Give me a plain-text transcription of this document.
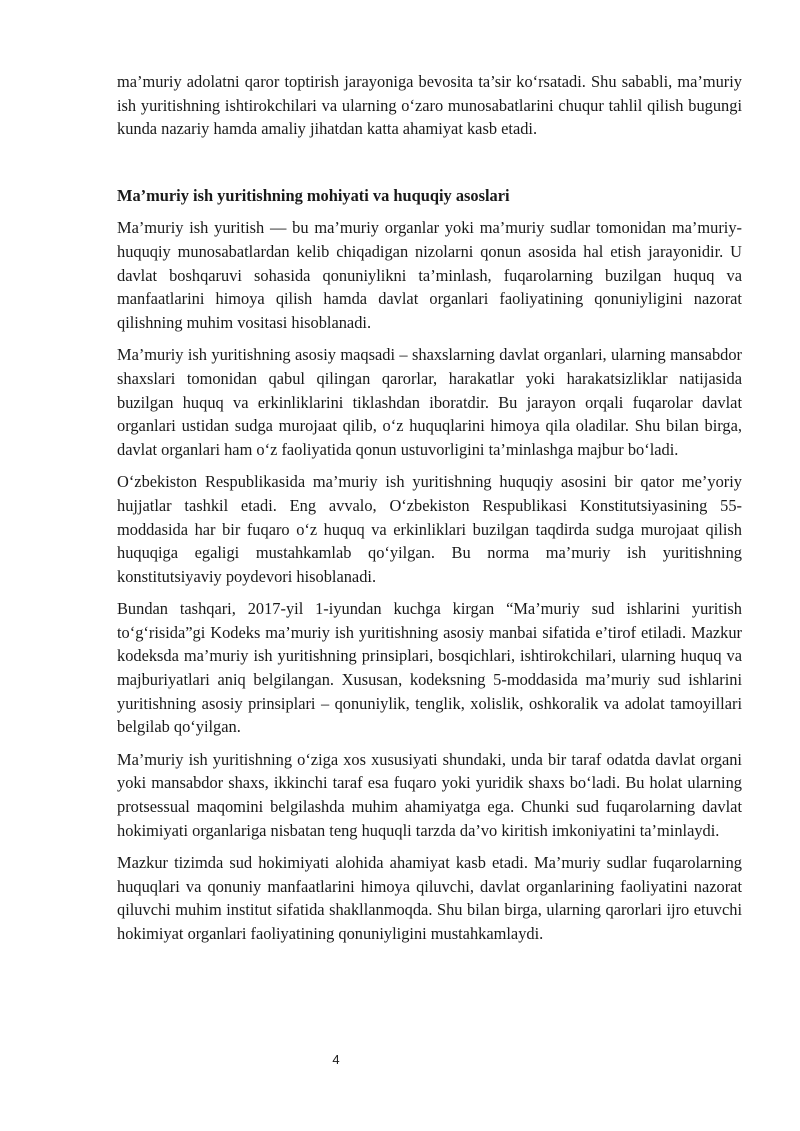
ma’muriy adolatni qaror toptirish jarayoniga bevosita ta’sir ko‘rsatadi. Shu sababli, ma’muriy ish yuritishning ishtirokchilari va ularning o‘zaro munosabatlarini chuqur tahlil qilish bugungi kunda nazariy hamda amaliy jihatdan katta ahamiyat kasb etadi.

Ma’muriy ish yuritishning mohiyati va huquqiy asoslari

Ma’muriy ish yuritish — bu ma’muriy organlar yoki ma’muriy sudlar tomonidan ma’muriy-huquqiy munosabatlardan kelib chiqadigan nizolarni qonun asosida hal etish jarayonidir. U davlat boshqaruvi sohasida qonuniylikni ta’minlash, fuqarolarning buzilgan huquq va manfaatlarini himoya qilish hamda davlat organlari faoliyatining qonuniyligini nazorat qilishning muhim vositasi hisoblanadi.

Ma’muriy ish yuritishning asosiy maqsadi – shaxslarning davlat organlari, ularning mansabdor shaxslari tomonidan qabul qilingan qarorlar, harakatlar yoki harakatsizliklar natijasida buzilgan huquq va erkinliklarini tiklashdan iboratdir. Bu jarayon orqali fuqarolar davlat organlari ustidan sudga murojaat qilib, o‘z huquqlarini himoya qila oladilar. Shu bilan birga, davlat organlari ham o‘z faoliyatida qonun ustuvorligini ta’minlashga majbur bo‘ladi.

O‘zbekiston Respublikasida ma’muriy ish yuritishning huquqiy asosini bir qator me’yoriy hujjatlar tashkil etadi. Eng avvalo, O‘zbekiston Respublikasi Konstitutsiyasining 55-moddasida har bir fuqaro o‘z huquq va erkinliklari buzilgan taqdirda sudga murojaat qilish huquqiga egaligi mustahkamlab qo‘yilgan. Bu norma ma’muriy ish yuritishning konstitutsiyaviy poydevori hisoblanadi.

Bundan tashqari, 2017-yil 1-iyundan kuchga kirgan “Ma’muriy sud ishlarini yuritish to‘g‘risida”gi Kodeks ma’muriy ish yuritishning asosiy manbai sifatida e’tirof etiladi. Mazkur kodeksda ma’muriy ish yuritishning prinsiplari, bosqichlari, ishtirokchilari, ularning huquq va majburiyatlari aniq belgilangan. Xususan, kodeksning 5-moddasida ma’muriy sud ishlarini yuritishning asosiy prinsiplari – qonuniylik, tenglik, xolislik, oshkoralik va adolat tamoyillari belgilab qo‘yilgan.

Ma’muriy ish yuritishning o‘ziga xos xususiyati shundaki, unda bir taraf odatda davlat organi yoki mansabdor shaxs, ikkinchi taraf esa fuqaro yoki yuridik shaxs bo‘ladi. Bu holat ularning protsessual maqomini belgilashda muhim ahamiyatga ega. Chunki sud fuqarolarning davlat hokimiyati organlariga nisbatan teng huquqli tarzda da’vo kiritish imkoniyatini ta’minlaydi.

Mazkur tizimda sud hokimiyati alohida ahamiyat kasb etadi. Ma’muriy sudlar fuqarolarning huquqlari va qonuniy manfaatlarini himoya qiluvchi, davlat organlarining faoliyatini nazorat qiluvchi muhim institut sifatida shakllanmoqda. Shu bilan birga, ularning qarorlari ijro etuvchi hokimiyat organlari faoliyatining qonuniyligini mustahkamlaydi.

4
